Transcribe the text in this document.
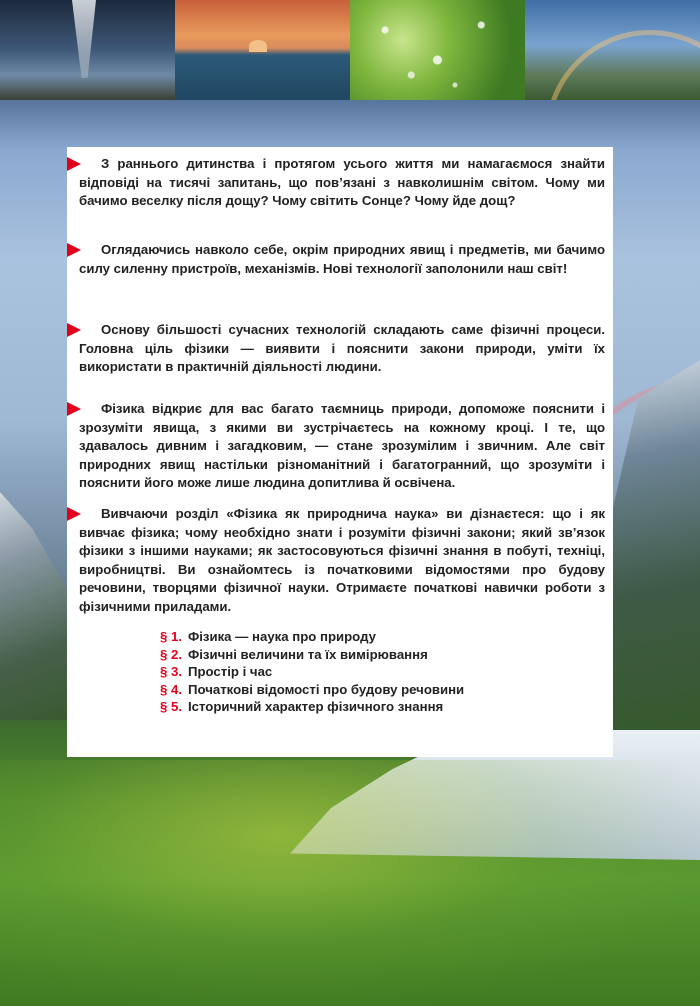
З раннього дитинства і протягом усього життя ми намагаємося знайти відповіді на тисячі запитань, що пов’язані з навколишнім світом. Чому ми бачимо веселку після дощу? Чому світить Сонце? Чому йде дощ?

Оглядаючись навколо себе, окрім природних явищ і предметів, ми бачимо силу силенну пристроїв, механізмів. Нові технології заполонили наш світ!

Основу більшості сучасних технологій складають саме фізичні процеси. Головна ціль фізики — виявити і пояснити закони природи, уміти їх використати в практичній діяльності людини.

Фізика відкриє для вас багато таємниць природи, допоможе пояснити і зрозуміти явища, з якими ви зустрічаєтесь на кожному кроці. І те, що здавалось дивним і загадковим, — стане зрозумілим і звичним. Але світ природних явищ настільки різноманітний і багатогранний, що зрозуміти і пояснити його може лише людина допитлива й освічена.

Вивчаючи розділ «Фізика як природнича наука» ви дізнаєтеся: що і як вивчає фізика; чому необхідно знати і розуміти фізичні закони; який зв’язок фізики з іншими науками; як застосовуються фізичні знання в побуті, техніці, виробництві. Ви ознайомтесь із початковими відомостями про будову речовини, творцями фізичної науки. Отримаєте початкові навички роботи з фізичними приладами.

§ 1. Фізика — наука про природу
§ 2. Фізичні величини та їх вимірювання
§ 3. Простір і час
§ 4. Початкові відомості про будову речовини
§ 5. Історичний характер фізичного знання
